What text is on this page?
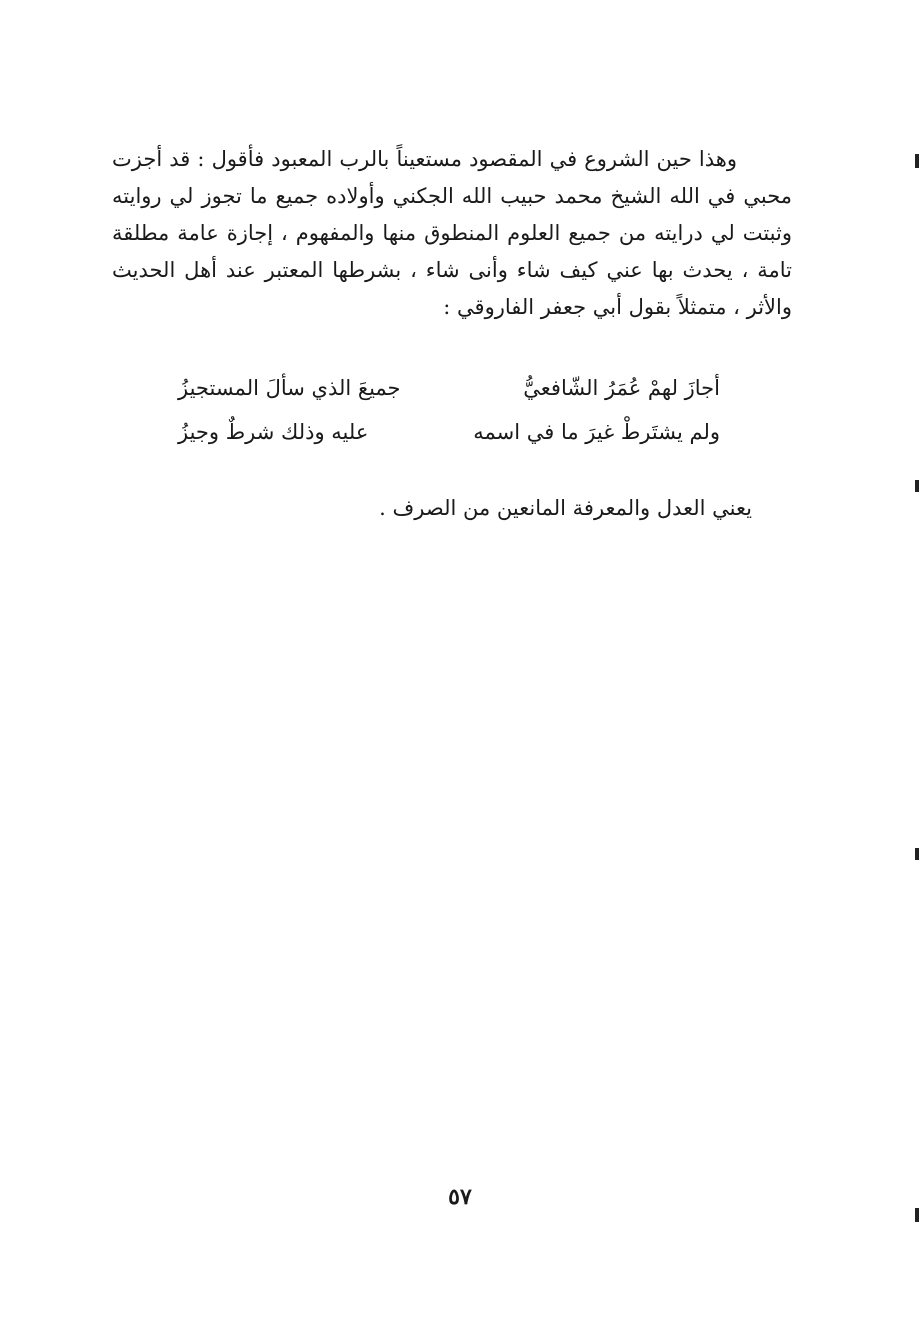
وهذا حين الشروع في المقصود مستعيناً بالرب المعبود فأقول : قد أجزت
محبي في الله الشيخ محمد حبيب الله الجكني وأولاده جميع ما تجوز لي روايته
وثبتت لي درايته من جميع العلوم المنطوق منها والمفهوم ، إجازة عامة مطلقة
تامة ، يحدث بها عني كيف شاء وأنى شاء ، بشرطها المعتبر عند أهل الحديث
والأثر ، متمثلاً بقول أبي جعفر الفاروقي :
أجازَ لهمْ عُمَرُ الشّافعيُّ
جميعَ الذي سألَ المستجيزُ
ولم يشتَرطْ غيرَ ما في اسمه
عليه وذلك شرطٌ وجيزُ
يعني العدل والمعرفة المانعين من الصرف .
٥٧
